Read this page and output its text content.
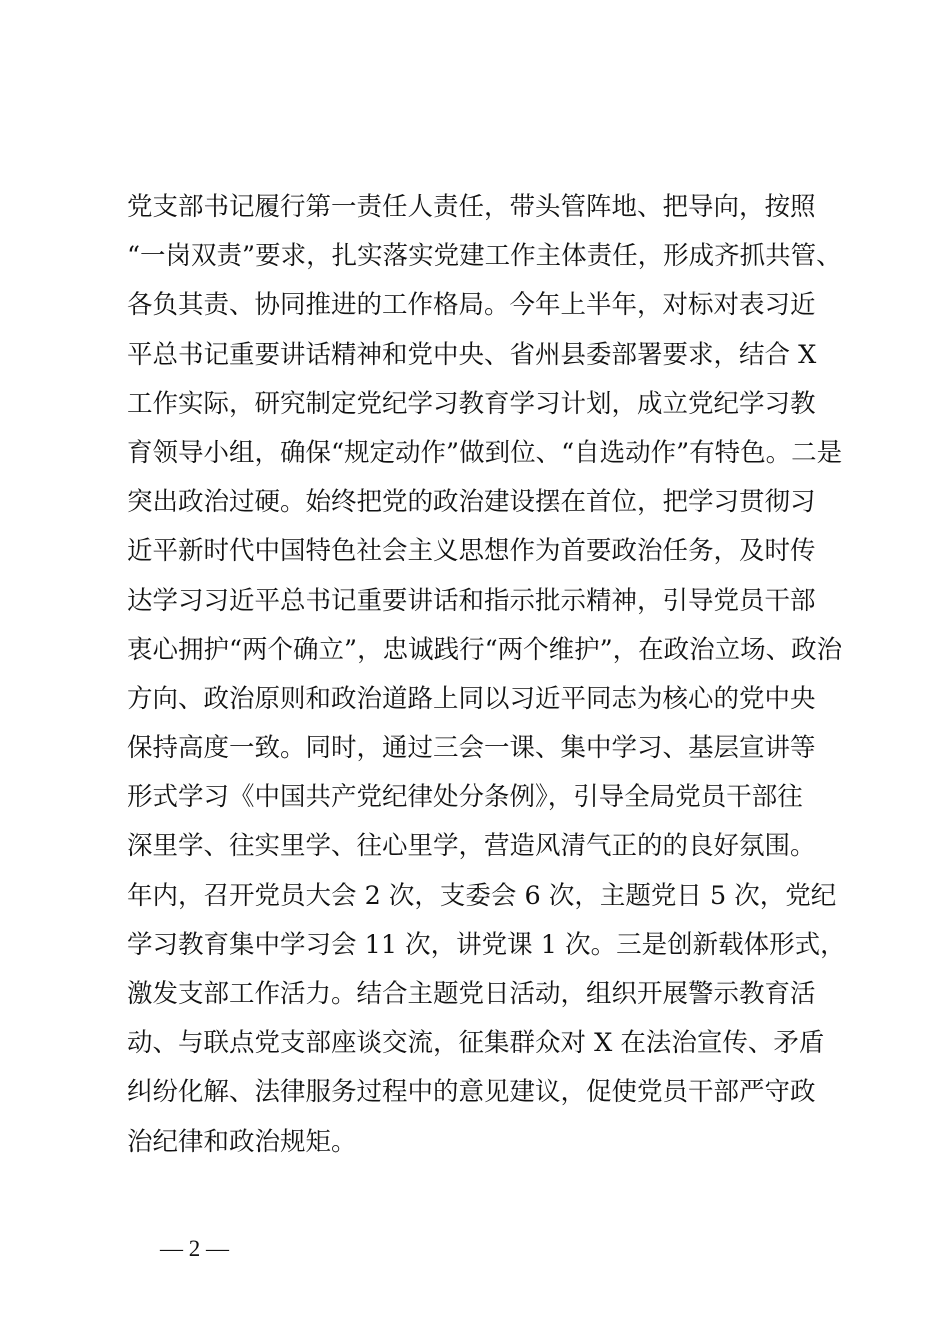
党支部书记履行第一责任人责任，带头管阵地、把导向，按照
“一岗双责”要求，扎实落实党建工作主体责任，形成齐抓共管、
各负其责、协同推进的工作格局。今年上半年，对标对表习近
平总书记重要讲话精神和党中央、省州县委部署要求，结合 X
工作实际，研究制定党纪学习教育学习计划，成立党纪学习教
育领导小组，确保“规定动作”做到位、“自选动作”有特色。二是
突出政治过硬。始终把党的政治建设摆在首位，把学习贯彻习
近平新时代中国特色社会主义思想作为首要政治任务，及时传
达学习习近平总书记重要讲话和指示批示精神，引导党员干部
衷心拥护“两个确立”，忠诚践行“两个维护”，在政治立场、政治
方向、政治原则和政治道路上同以习近平同志为核心的党中央
保持高度一致。同时，通过三会一课、集中学习、基层宣讲等
形式学习《中国共产党纪律处分条例》，引导全局党员干部往
深里学、往实里学、往心里学，营造风清气正的的良好氛围。
年内，召开党员大会 2 次，支委会 6 次，主题党日 5 次，党纪
学习教育集中学习会 11 次，讲党课 1 次。三是创新载体形式，
激发支部工作活力。结合主题党日活动，组织开展警示教育活
动、与联点党支部座谈交流，征集群众对 X 在法治宣传、矛盾
纠纷化解、法律服务过程中的意见建议，促使党员干部严守政
治纪律和政治规矩。
— 2 —
